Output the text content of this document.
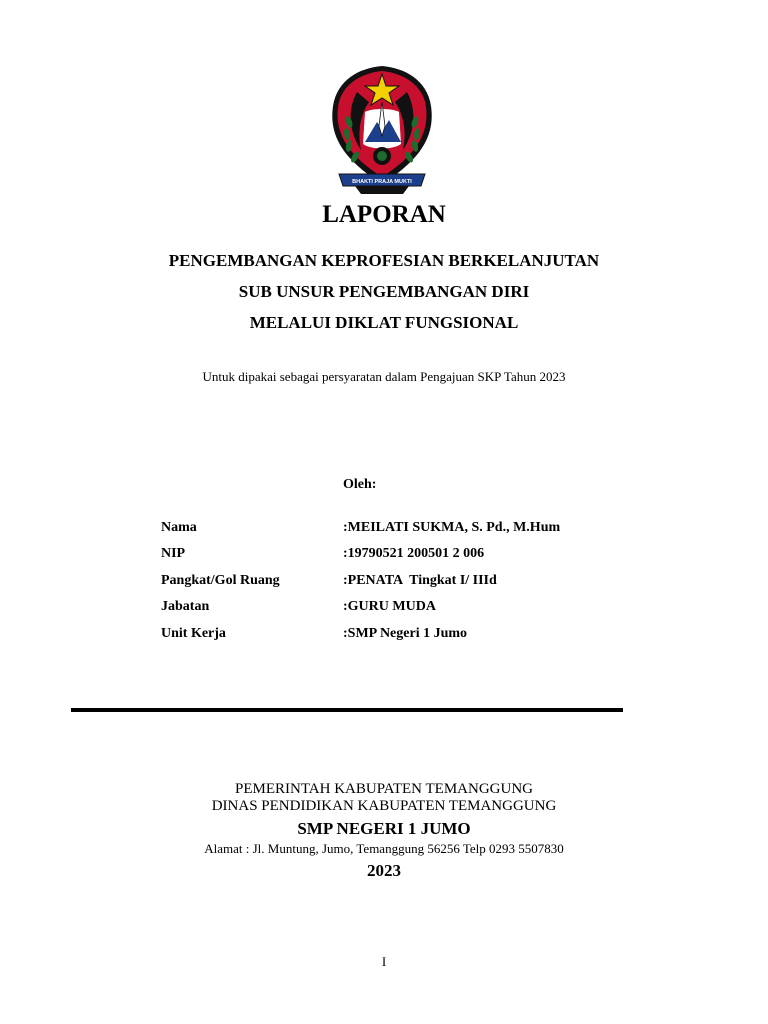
BHAKTI PRAJA MUKTI
LAPORAN
PENGEMBANGAN KEPROFESIAN BERKELANJUTAN
SUB UNSUR PENGEMBANGAN DIRI
MELALUI DIKLAT FUNGSIONAL
Untuk dipakai sebagai persyaratan dalam Pengajuan SKP Tahun 2023
Oleh:
Nama	:MEILATI SUKMA, S. Pd., M.Hum
NIP	:19790521 200501 2 006
Pangkat/Gol Ruang	:PENATA  Tingkat I/ IIId
Jabatan	:GURU MUDA
Unit Kerja	:SMP Negeri 1 Jumo
PEMERINTAH KABUPATEN TEMANGGUNG
DINAS PENDIDIKAN KABUPATEN TEMANGGUNG
SMP NEGERI 1 JUMO
Alamat : Jl. Muntung, Jumo, Temanggung 56256 Telp 0293 5507830
2023
I
